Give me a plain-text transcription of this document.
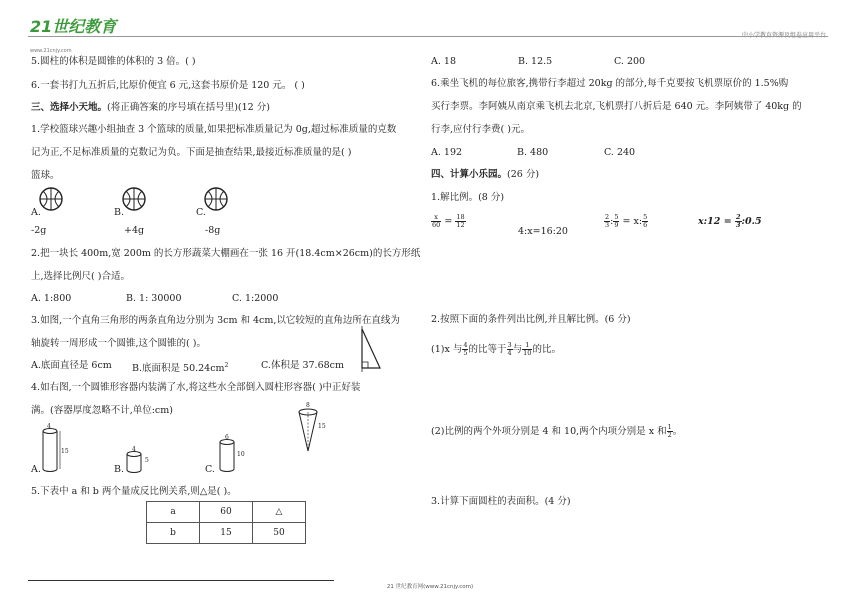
21世纪教育
www.21cnjy.com
5.圆柱的体积是圆锥的体积的 3 倍。( )
6.一套书打九五折后,比原价便宜 6 元,这套书原价是 120 元。 ( )
三、选择小天地。(将正确答案的序号填在括号里)(12 分)
1.学校篮球兴趣小组抽查 3 个篮球的质量,如果把标准质量记为 0g,超过标准质量的克数
记为正,不足标准质量的克数记为负。下面是抽查结果,最接近标准质量的是( )
篮球。
A.
-2g
B.
+4g
C.
-8g
2.把一块长 400m,宽 200m 的长方形蔬菜大棚画在一张 16 开(18.4cm×26cm)的长方形纸
上,选择比例尺( )合适。
A. 1:800	B. 1: 30000	C. 1:2000
3.如图,一个直角三角形的两条直角边分别为 3cm 和 4cm,以它较短的直角边所在直线为
轴旋转一周形成一个圆锥,这个圆锥的( )。
A.底面直径是 6cm B.底面积是 $50.24cm^2$	C.体积是 37.68cm
4.如右图,一个圆锥形容器内装满了水,将这些水全部倒入圆柱形容器( )中正好装
满。(容器厚度忽略不计,单位:cm)
A.
4
15
B.
4
5
C.
6
10
8
15
5.下表中 a 和 b 两个量成反比例关系,则△是( )。
a	60	△
b	15	50
A. 18	B. 12.5	C. 200
6.乘坐飞机的每位旅客,携带行李超过 20kg 的部分,每千克要按飞机票原价的 1.5%购
买行李票。李阿姨从南京乘飞机去北京,飞机票打八折后是 640 元。李阿姨带了 40kg 的
行李,应付行李费( )元。
A. 192	B. 480	C. 240
四、计算小乐园。(26 分)
1.解比例。(8 分)
$\frac{x}{60} = \frac{18}{12}$
4:x=16:20
$\frac{2}{3}$ : $\frac{5}{9} = x$: $\frac{5}{6}$	x:12 = $\frac{2}{3}$ :0.5
2.按照下面的条件列出比例,并且解比例。(6 分)
(1)x 与 $\frac{4}{5}$ 的比等于 $\frac{3}{4}$ 与 $\frac{1}{10}$ 的比。
(2)比例的两个外项分别是 4 和 10,两个内项分别是 x 和 $\frac{1}{2}$ 。
3.计算下面圆柱的表面积。(4 分)
21 世纪教育网(www.21cnjy.com)
